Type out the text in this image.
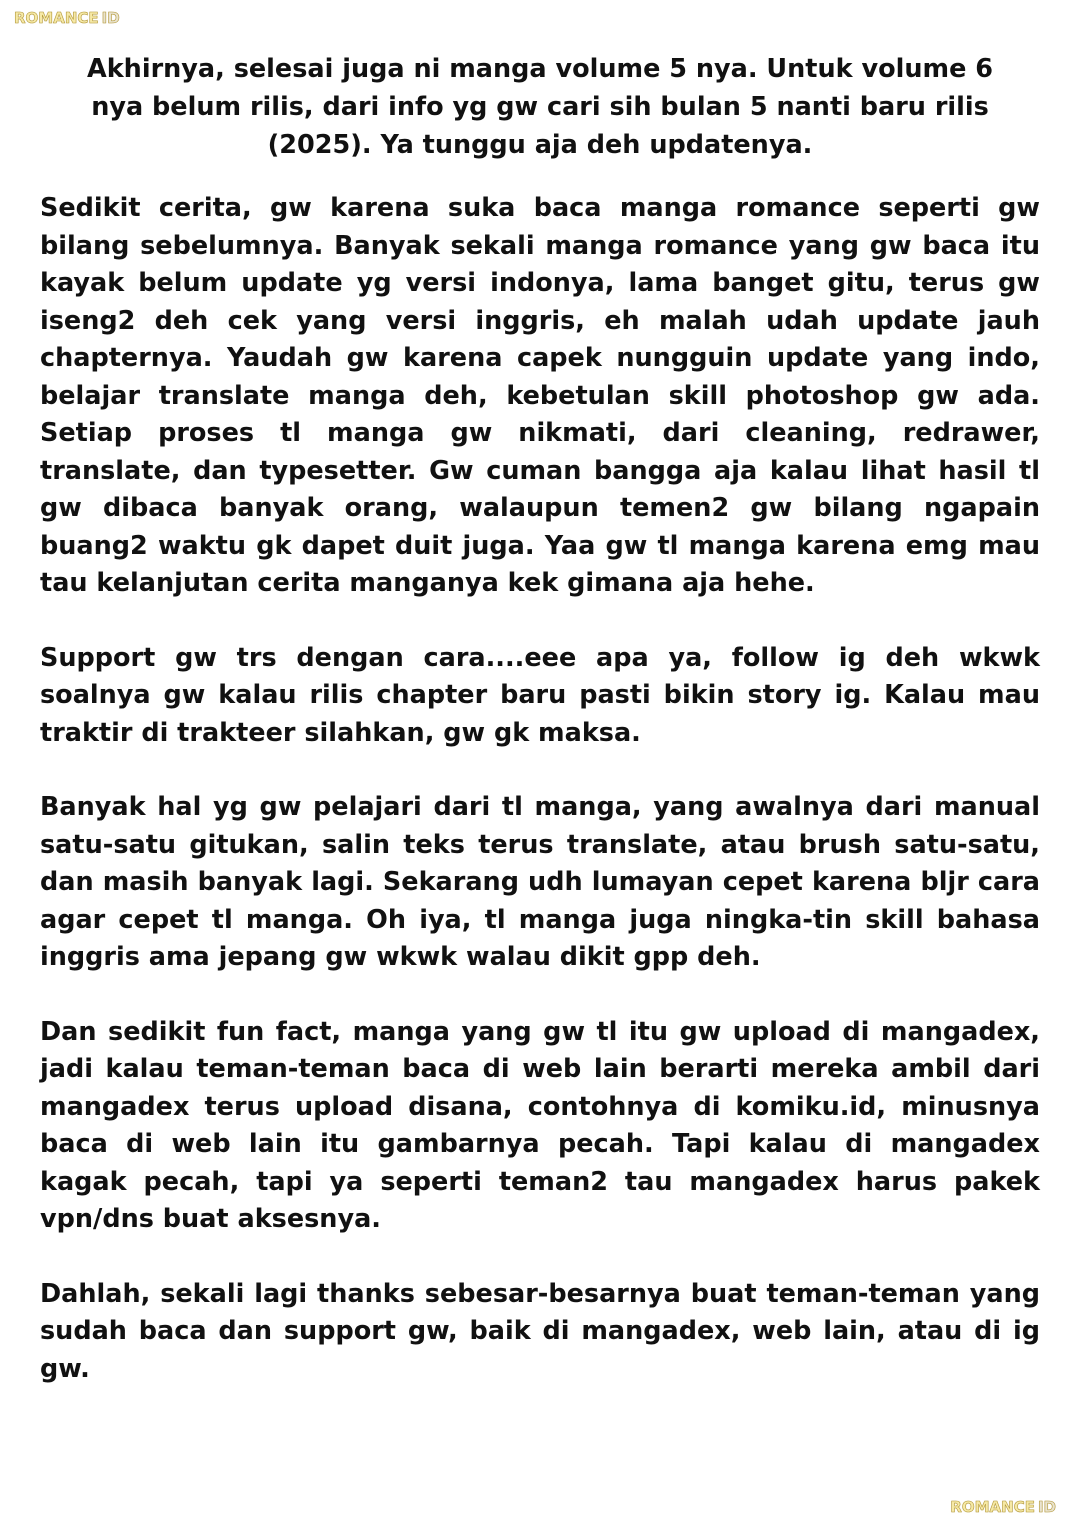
ROMANCE ID

Akhirnya, selesai juga ni manga volume 5 nya. Untuk volume 6 nya belum rilis, dari info yg gw cari sih bulan 5 nanti baru rilis (2025). Ya tunggu aja deh updatenya.

Sedikit cerita, gw karena suka baca manga romance seperti gw bilang sebelumnya. Banyak sekali manga romance yang gw baca itu kayak belum update yg versi indonya, lama banget gitu, terus gw iseng2 deh cek yang versi inggris, eh malah udah update jauh chapternya. Yaudah gw karena capek nungguin update yang indo, belajar translate manga deh, kebetulan skill photoshop gw ada. Setiap proses tl manga gw nikmati, dari cleaning, redrawer, translate, dan typesetter. Gw cuman bangga aja kalau lihat hasil tl gw dibaca banyak orang, walaupun temen2 gw bilang ngapain buang2 waktu gk dapet duit juga. Yaa gw tl manga karena emg mau tau kelanjutan cerita manganya kek gimana aja hehe.

Support gw trs dengan cara....eee apa ya, follow ig deh wkwk soalnya gw kalau rilis chapter baru pasti bikin story ig. Kalau mau traktir di trakteer silahkan, gw gk maksa.

Banyak hal yg gw pelajari dari tl manga, yang awalnya dari manual satu-satu gitukan, salin teks terus translate, atau brush satu-satu, dan masih banyak lagi. Sekarang udh lumayan cepet karena bljr cara agar cepet tl manga. Oh iya, tl manga juga ningka-tin skill bahasa inggris ama jepang gw wkwk walau dikit gpp deh.

Dan sedikit fun fact, manga yang gw tl itu gw upload di mangadex, jadi kalau teman-teman baca di web lain berarti mereka ambil dari mangadex terus upload disana, contohnya di komiku.id, minusnya baca di web lain itu gambarnya pecah. Tapi kalau di mangadex kagak pecah, tapi ya seperti teman2 tau mangadex harus pakek vpn/dns buat aksesnya.

Dahlah, sekali lagi thanks sebesar-besarnya buat teman-teman yang sudah baca dan support gw, baik di mangadex, web lain, atau di ig gw.

ROMANCE ID
